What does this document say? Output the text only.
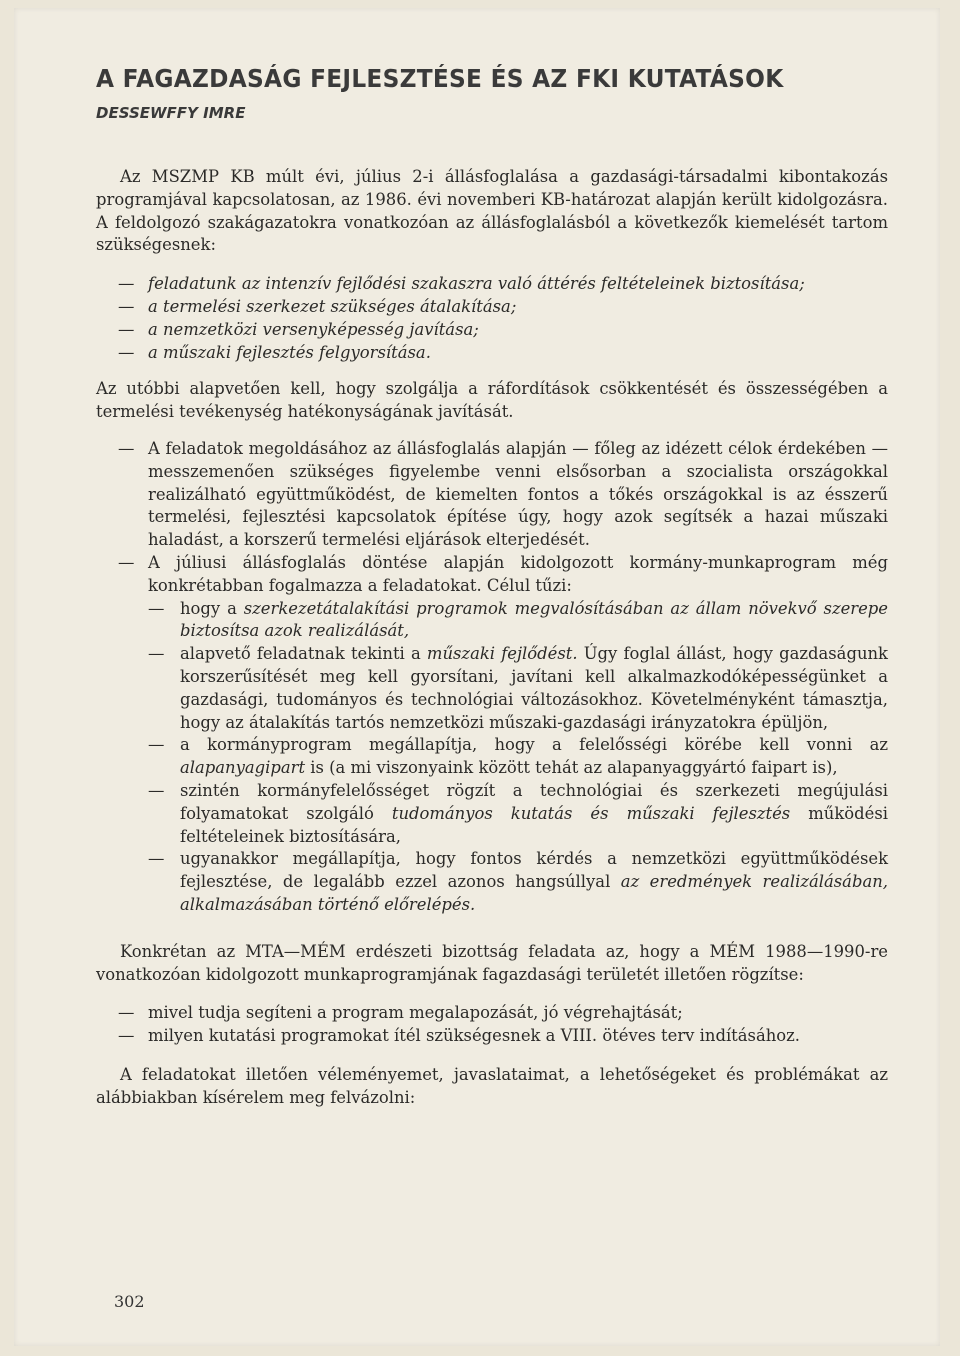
A FAGAZDASÁG FEJLESZTÉSE ÉS AZ FKI KUTATÁSOK
DESSEWFFY IMRE

Az MSZMP KB múlt évi, július 2-i állásfoglalása a gazdasági-társadalmi kibontakozás programjával kapcsolatosan, az 1986. évi novemberi KB-határozat alapján került kidolgozásra. A feldolgozó szakágazatokra vonatkozóan az állásfoglalásból a következők kiemelését tartom szükségesnek:

— feladatunk az intenzív fejlődési szakaszra való áttérés feltételeinek biztosítása;

— a termelési szerkezet szükséges átalakítása;

— a nemzetközi versenyképesség javítása;

— a műszaki fejlesztés felgyorsítása.

Az utóbbi alapvetően kell, hogy szolgálja a ráfordítások csökkentését és összességében a termelési tevékenység hatékonyságának javítását.

— A feladatok megoldásához az állásfoglalás alapján — főleg az idézett célok érdekében — messzemenően szükséges figyelembe venni elsősorban a szocialista országokkal realizálható együttműködést, de kiemelten fontos a tőkés országokkal is az ésszerű termelési, fejlesztési kapcsolatok építése úgy, hogy azok segítsék a hazai műszaki haladást, a korszerű termelési eljárások elterjedését.

— A júliusi állásfoglalás döntése alapján kidolgozott kormány-munkaprogram még konkrétabban fogalmazza a feladatokat. Célul tűzi:

— hogy a szerkezetátalakítási programok megvalósításában az állam növekvő szerepe biztosítsa azok realizálását,

— alapvető feladatnak tekinti a műszaki fejlődést. Úgy foglal állást, hogy gazdaságunk korszerűsítését meg kell gyorsítani, javítani kell alkalmazkodóképességünket a gazdasági, tudományos és technológiai változásokhoz. Követelményként támasztja, hogy az átalakítás tartós nemzetközi műszaki-gazdasági irányzatokra épüljön,

— a kormányprogram megállapítja, hogy a felelősségi körébe kell vonni az alapanyagipart is (a mi viszonyaink között tehát az alapanyaggyártó faipart is),

— szintén kormányfelelősséget rögzít a technológiai és szerkezeti megújulási folyamatokat szolgáló tudományos kutatás és műszaki fejlesztés működési feltételeinek biztosítására,

— ugyanakkor megállapítja, hogy fontos kérdés a nemzetközi együttműködések fejlesztése, de legalább ezzel azonos hangsúllyal az eredmények realizálásában, alkalmazásában történő előrelépés.

Konkrétan az MTA—MÉM erdészeti bizottság feladata az, hogy a MÉM 1988—1990-re vonatkozóan kidolgozott munkaprogramjának fagazdasági területét illetően rögzítse:

— mivel tudja segíteni a program megalapozását, jó végrehajtását;

— milyen kutatási programokat ítél szükségesnek a VIII. ötéves terv indításához.

A feladatokat illetően véleményemet, javaslataimat, a lehetőségeket és problémákat az alábbiakban kísérelem meg felvázolni:

302
